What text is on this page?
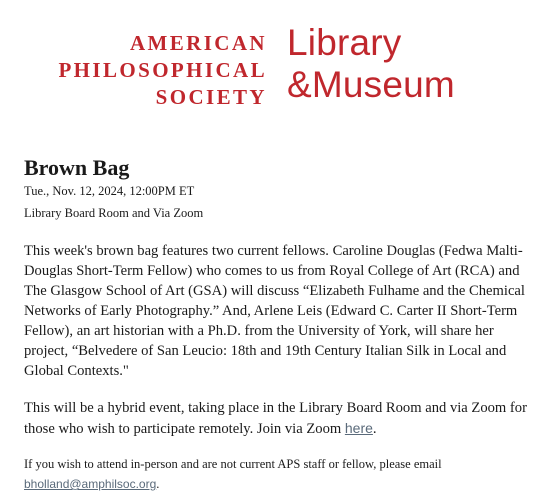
AMERICAN
PHILOSOPHICAL
SOCIETY
Library
&Museum
Brown Bag

Tue., Nov. 12, 2024, 12:00PM ET

Library Board Room and Via Zoom

This week's brown bag features two current fellows. Caroline Douglas (Fedwa Malti-Douglas Short-Term Fellow) who comes to us from Royal College of Art (RCA) and The Glasgow School of Art (GSA) will discuss “Elizabeth Fulhame and the Chemical Networks of Early Photography.” And, Arlene Leis (Edward C. Carter II Short-Term Fellow), an art historian with a Ph.D. from the University of York, will share her project, “Belvedere of San Leucio: 18th and 19th Century Italian Silk in Local and Global Contexts."

This will be a hybrid event, taking place in the Library Board Room and via Zoom for those who wish to participate remotely. Join via Zoom here.

If you wish to attend in-person and are not current APS staff or fellow, please email bholland@amphilsoc.org.
